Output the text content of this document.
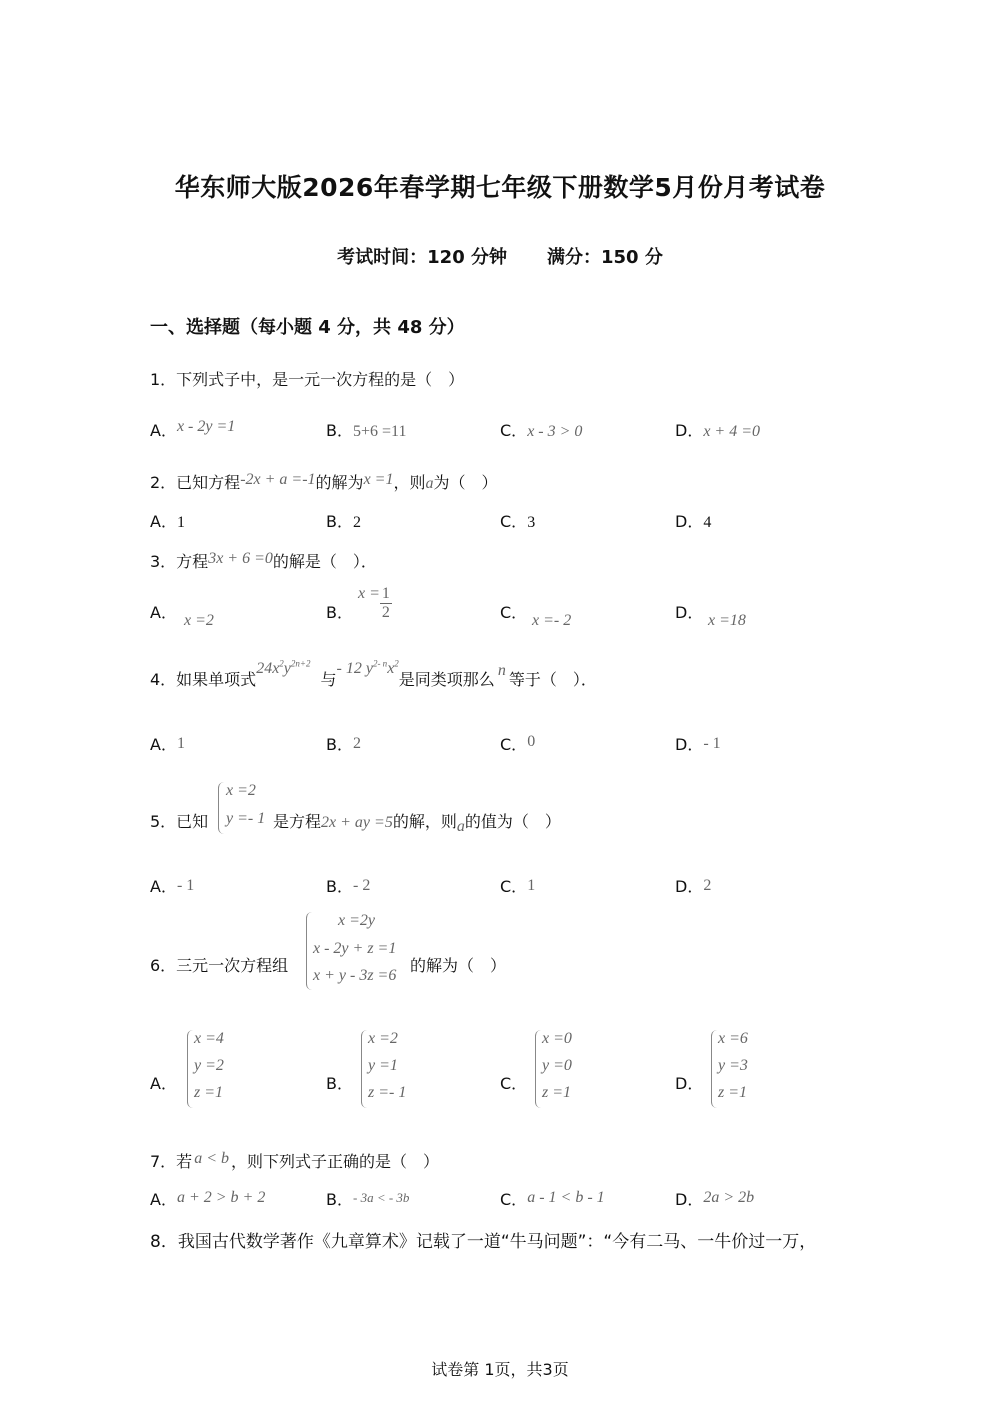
华东师大版2026年春学期七年级下册数学5月份月考试卷
考试时间：120 分钟 满分：150 分
一、选择题（每小题 4 分，共 48 分）
1．下列式子中，是一元一次方程的是（　）
A．x - 2y =1	B．5+6 =11	C．x - 3 > 0	D．x + 4 =0
2．已知方程-2x + a =-1的解为x =1，则a为（　）
A．1	B．2	C．3	D．4
3．方程3x + 6 =0的解是（　）．
A． x =2	B．
$x = \frac{1}{2}$	C． x =- 2	D． x =18
4．如果单项式$24x^2y^{2n+2}$与- 12 $y^{2- n}x^2$是同类项那么 n 等于（　）．
A．1	B．2	C．0	D．- 1
5．已知
x =2
y =- 1 是方程2x + ay =5的解，则a的值为（　）
A．- 1	B．- 2	C．1	D．2
6．三元一次方程组
x =2y
x - 2y + z =1
x + y - 3z =6
的解为（　）
A．
x =4
y =2
z =1	B．
x =2
y =1
z =- 1	C．
x =0
y =0
z =1	D．
x =6
y =3
z =1
7．若 a < b ，则下列式子正确的是（　）
A．a + 2 > b + 2	B．- 3a < - 3b	C．a - 1 < b - 1	D．2a > 2b
8．我国古代数学著作《九章算术》记载了一道“牛马问题”：“今有二马、一牛价过一万，
试卷第 1页，共3页
